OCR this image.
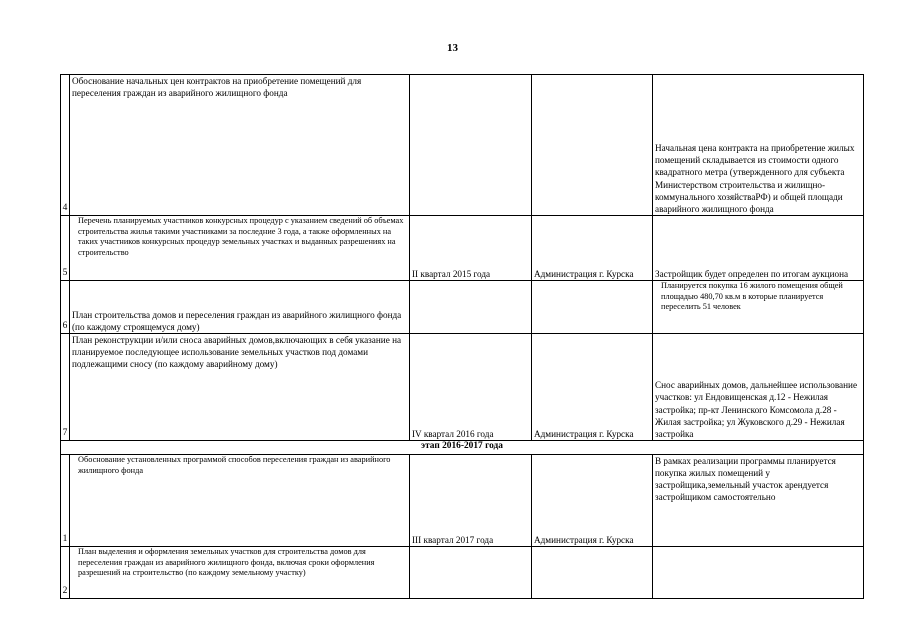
13
4	Обоснование начальных цен контрактов на приобретение помещений для переселения граждан из аварийного жилищного фонда			Начальная цена контракта на приобретение жилых помещений складывается из стоимости одного квадратного метра (утвержденного для субъекта Министерством строительства и жилищно-коммунального хозяйстваРФ) и общей площади аварийного жилищного фонда
5	Перечень планируемых участников конкурсных процедур с указанием сведений об объемах строительства жилья такими участниками за последние 3 года, а также оформленных на таких участников конкурсных процедур земельных участках и выданных разрешениях на строительство	II квартал 2015 года	Администрация г. Курска	Застройщик будет определен по итогам аукциона
6	План строительства домов и переселения граждан из аварийного жилищного фонда (по каждому строящемуся дому)			Планируется покупка 16 жилого помещения общей площадью 480,70 кв.м в которые планируется переселить 51 человек
7	План реконструкции и/или сноса аварийных домов,включающих в себя указание на планируемое последующее использование земельных участков под домами подлежащими сносу (по каждому аварийному дому)	IV квартал 2016 года	Администрация г. Курска	Снос аварийных домов, дальнейшее использование участков: ул Ендовищенская д.12 - Нежилая застройка; пр-кт Ленинского Комсомола д.28 - Жилая застройка; ул Жуковского д.29 - Нежилая застройка
этап 2016-2017 года				
1	Обоснование установленных программой способов переселения граждан из аварийного жилищного фонда	III квартал 2017 года	Администрация г. Курска	В рамках реализации программы планируется покупка жилых помещений у застройщика,земельный участок арендуется застройщиком самостоятельно
2	План выделения и оформления земельных участков для строительства домов для переселения граждан из аварийного жилищного фонда, включая сроки оформления разрешений на строительство (по каждому земельному участку)			
